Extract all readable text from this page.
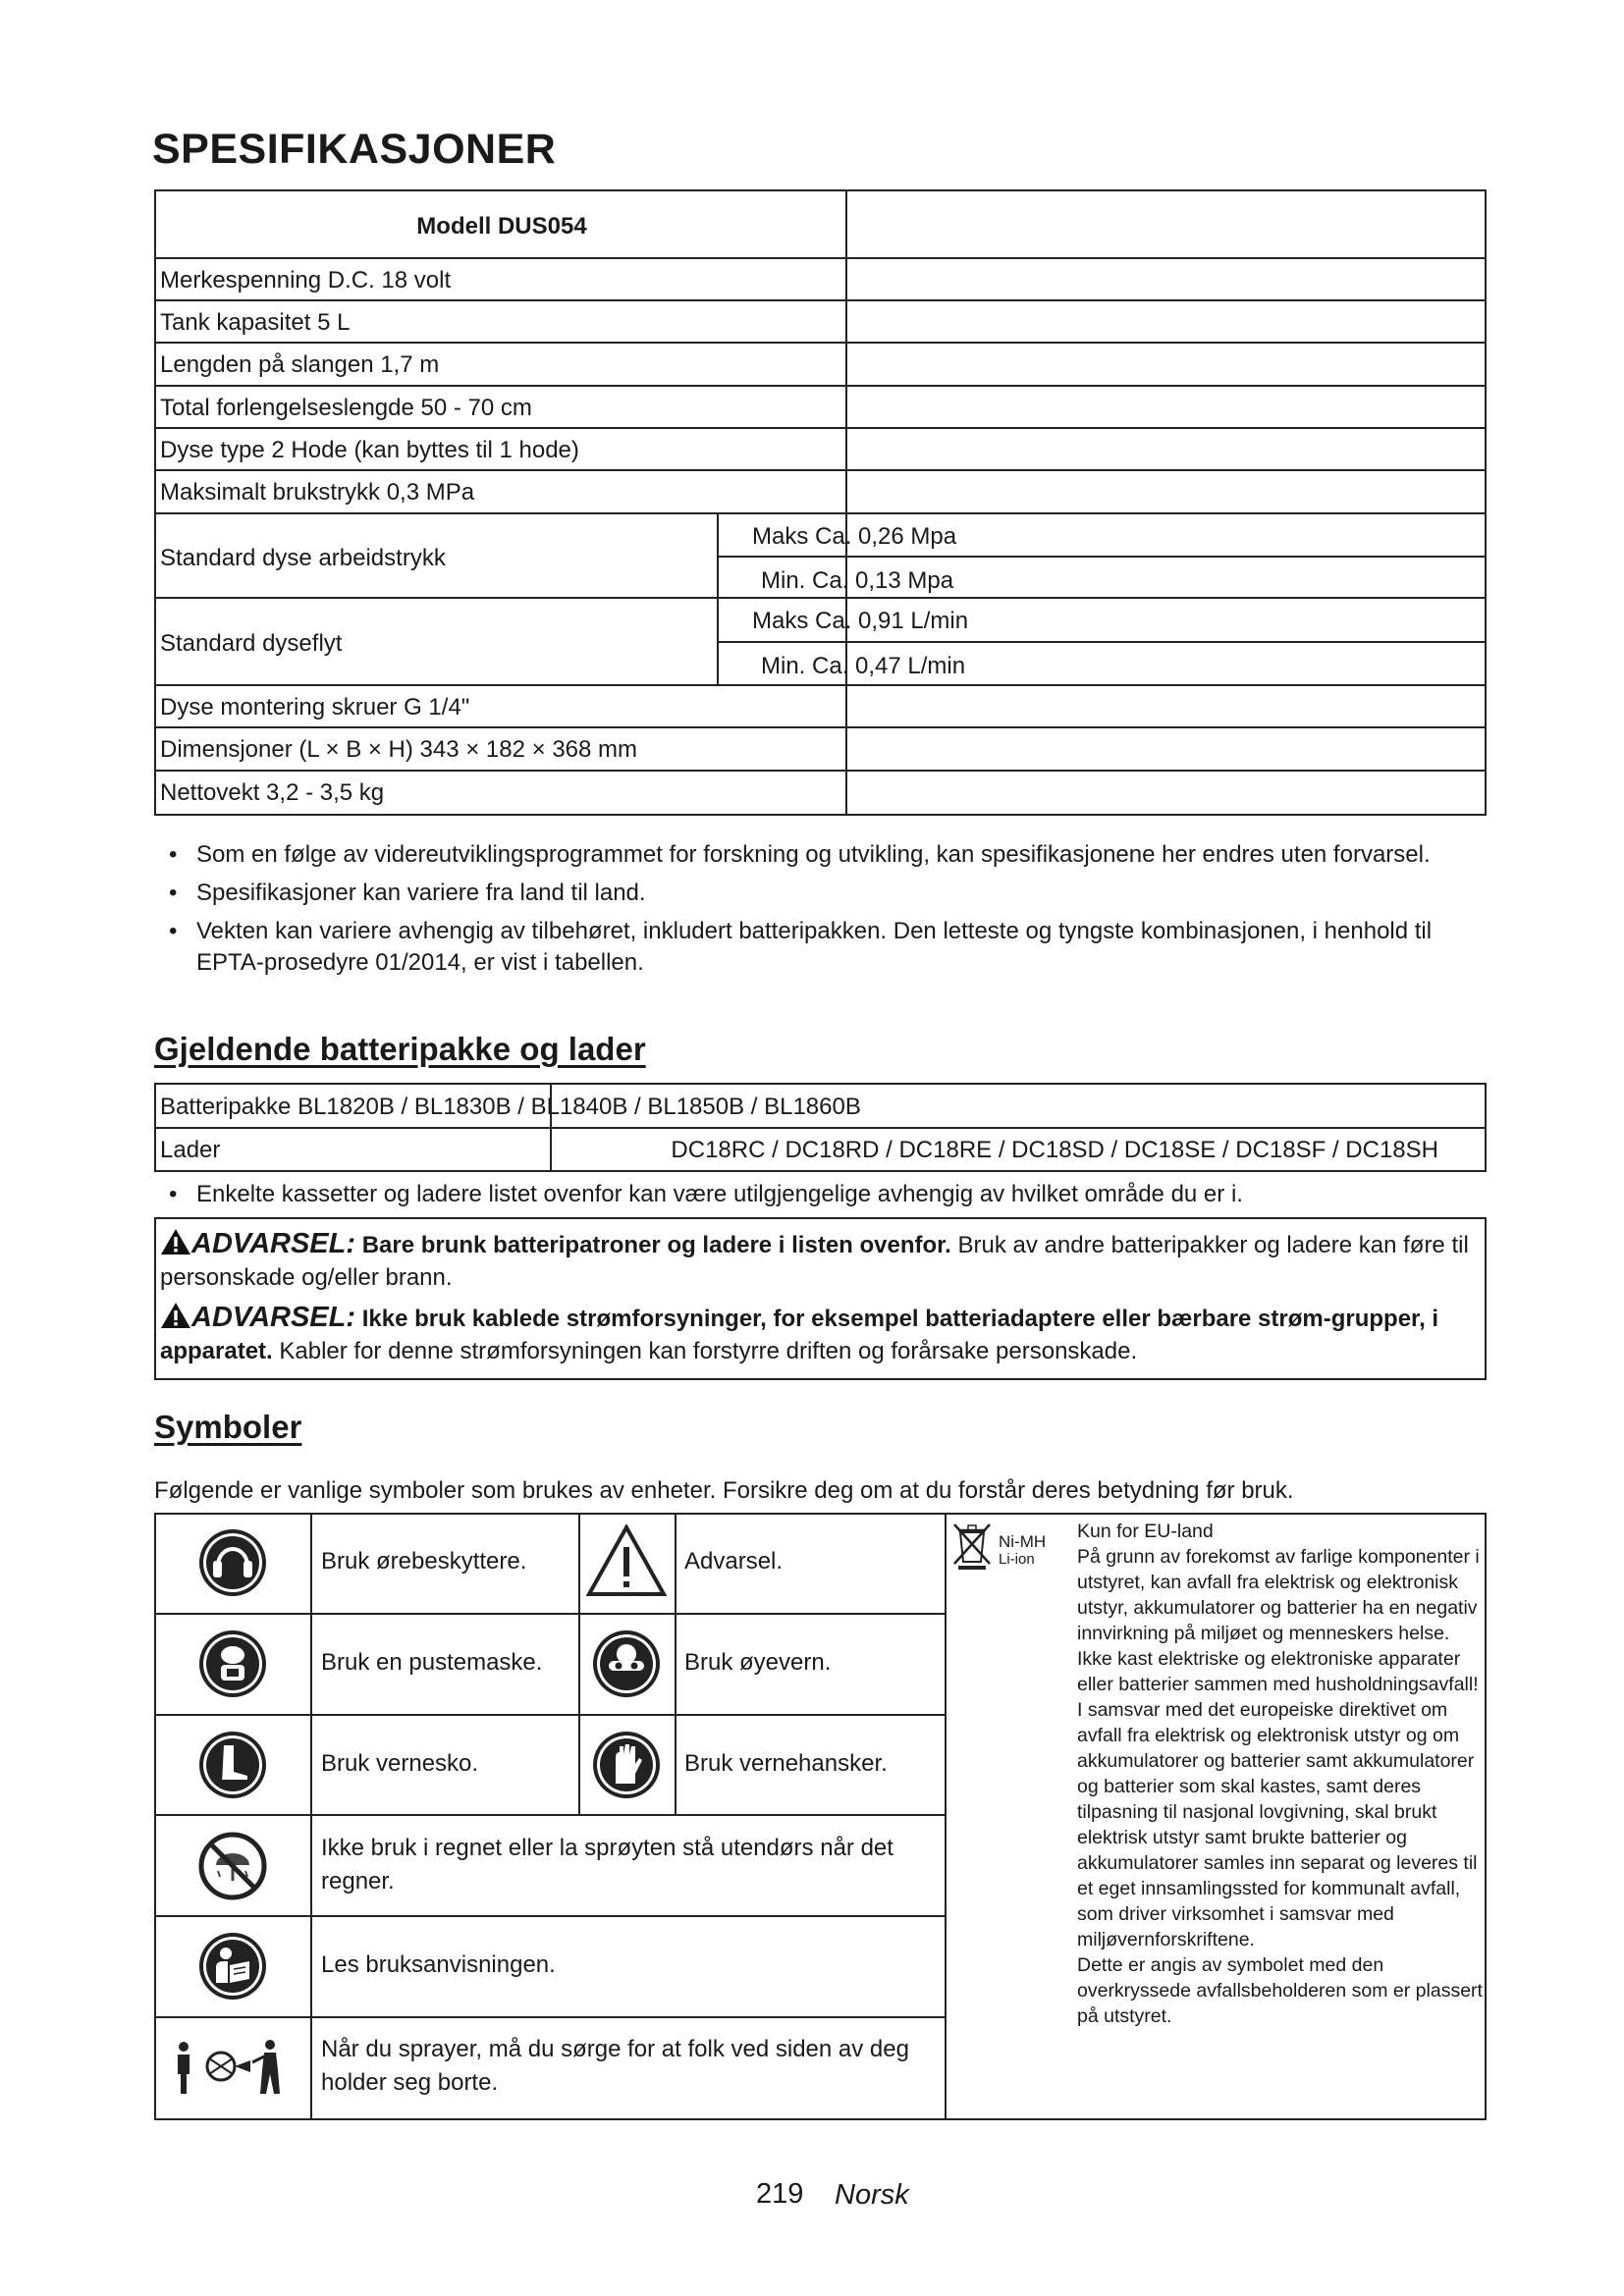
SPESIFIKASJONER
Modell DUS054
Merkespenning D.C. 18 volt
Tank kapasitet 5 L
Lengden på slangen 1,7 m
Total forlengelseslengde 50 - 70 cm
Dyse type 2 Hode (kan byttes til 1 hode)
Maksimalt brukstrykk 0,3 MPa
Standard dyse arbeidstrykk
Maks Ca. 0,26 Mpa
Min. Ca. 0,13 Mpa
Standard dyseflyt
Maks Ca. 0,91 L/min
Min. Ca. 0,47 L/min
Dyse montering skruer G 1/4"
Dimensjoner (L × B × H) 343 × 182 × 368 mm
Nettovekt 3,2 - 3,5 kg
• Som en følge av videreutviklingsprogrammet for forskning og utvikling, kan spesifikasjonene her endres uten forvarsel.
• Spesifikasjoner kan variere fra land til land.
• Vekten kan variere avhengig av tilbehøret, inkludert batteripakken. Den letteste og tyngste kombinasjonen, i henhold til EPTA-prosedyre 01/2014, er vist i tabellen.
Gjeldende batteripakke og lader
Batteripakke BL1820B / BL1830B / BL1840B / BL1850B / BL1860B
Lader	DC18RC / DC18RD / DC18RE / DC18SD / DC18SE / DC18SF / DC18SH
• Enkelte kassetter og ladere listet ovenfor kan være utilgjengelige avhengig av hvilket område du er i.
ADVARSEL: Bare brunk batteripatroner og ladere i listen ovenfor. Bruk av andre batteripakker og ladere kan føre til personskade og/eller brann.
ADVARSEL: Ikke bruk kablede strømforsyninger, for eksempel batteriadaptere eller bærbare strøm-grupper, i apparatet. Kabler for denne strømforsyningen kan forstyrre driften og forårsake personskade.
Symboler
Følgende er vanlige symboler som brukes av enheter. Forsikre deg om at du forstår deres betydning før bruk.
Bruk ørebeskyttere.	Advarsel.
Bruk en pustemaske.	Bruk øyevern.
Bruk vernesko.	Bruk vernehansker.
Ikke bruk i regnet eller la sprøyten stå utendørs når det regner.
Les bruksanvisningen.
Når du sprayer, må du sørge for at folk ved siden av deg holder seg borte.
Ni-MH
Li-ion

Kun for EU-land

På grunn av forekomst av farlige komponenter i utstyret, kan avfall fra elektrisk og elektronisk utstyr, akkumulatorer og batterier ha en negativ innvirkning på miljøet og menneskers helse.

Ikke kast elektriske og elektroniske apparater eller batterier sammen med husholdningsavfall!

I samsvar med det europeiske direktivet om avfall fra elektrisk og elektronisk utstyr og om akkumulatorer og batterier samt akkumulatorer og batterier som skal kastes, samt deres tilpasning til nasjonal lovgivning, skal brukt elektrisk utstyr samt brukte batterier og akkumulatorer samles inn separat og leveres til et eget innsamlingssted for kommunalt avfall, som driver virksomhet i samsvar med miljøvernforskriftene.

Dette er angis av symbolet med den overkryssede avfallsbeholderen som er plassert på utstyret.

219 Norsk
